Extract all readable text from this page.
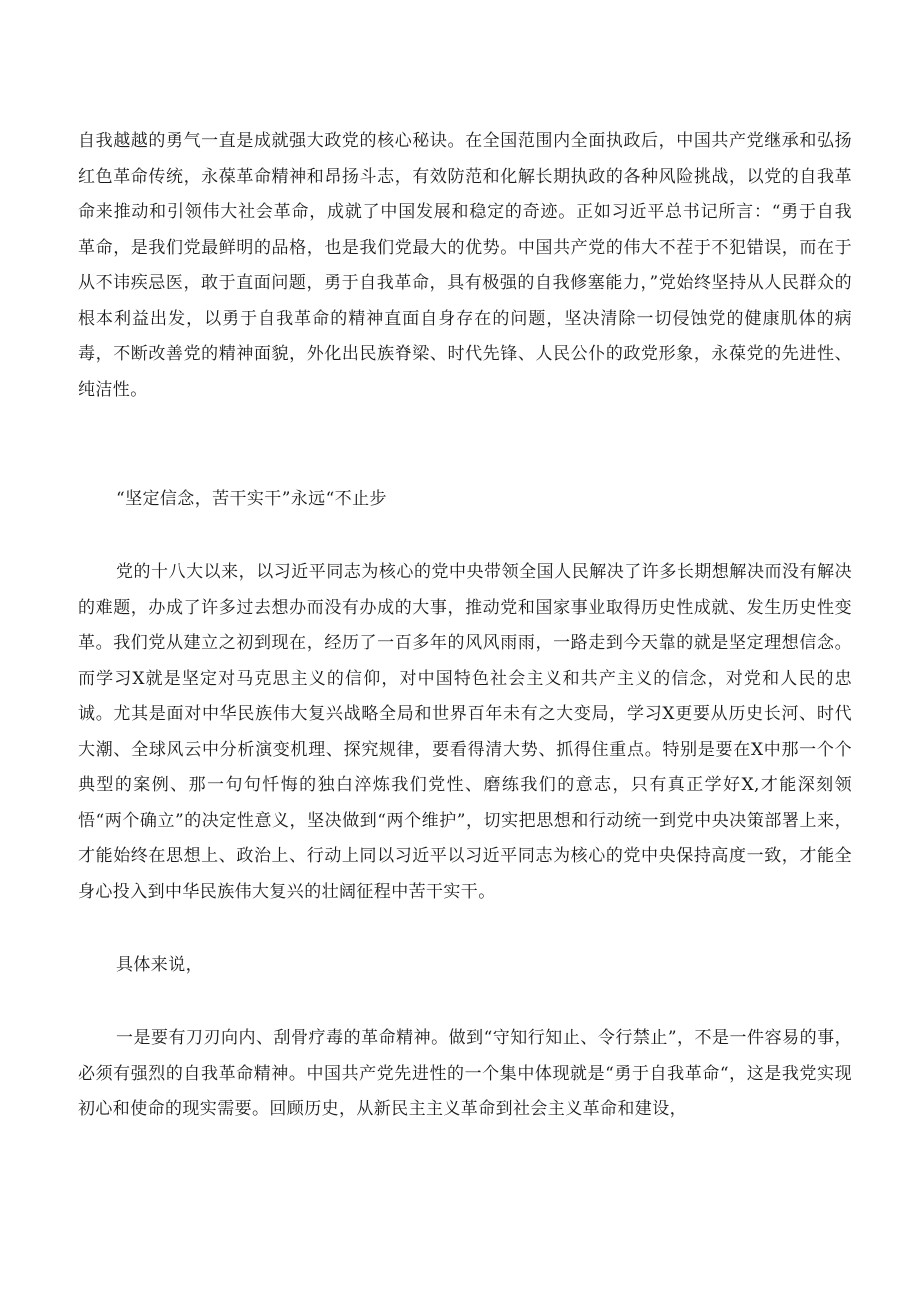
自我越越的勇气一直是成就强大政党的核心秘诀。在全国范围内全面执政后，中国共产党继承和弘扬红色革命传统，永葆革命精神和昂扬斗志，有效防范和化解长期执政的各种风险挑战，以党的自我革命来推动和引领伟大社会革命，成就了中国发展和稳定的奇迹。正如习近平总书记所言：“勇于自我革命，是我们党最鲜明的品格，也是我们党最大的优势。中国共产党的伟大不茬于不犯错误，而在于从不讳疾忌医，敢于直面问题，勇于自我革命，具有极强的自我修塞能力，”党始终坚持从人民群众的根本利益出发，以勇于自我革命的精神直面自身存在的问题，坚决清除一切侵蚀党的健康肌体的病毒，不断改善党的精神面貌，外化出民族脊梁、时代先锋、人民公仆的政党形象，永葆党的先进性、纯洁性。

“坚定信念，苦干实干”永远“不止步

党的十八大以来，以习近平同志为核心的党中央带领全国人民解决了许多长期想解决而没有解决的难题，办成了许多过去想办而没有办成的大事，推动党和国家事业取得历史性成就、发生历史性变革。我们党从建立之初到现在，经历了一百多年的风风雨雨，一路走到今天靠的就是坚定理想信念。而学习X就是坚定对马克思主义的信仰，对中国特色社会主义和共产主义的信念，对党和人民的忠诚。尤其是面对中华民族伟大复兴战略全局和世界百年未有之大变局，学习X更要从历史长河、时代大潮、全球风云中分析演变机理、探究规律，要看得清大势、抓得住重点。特别是要在X中那一个个典型的案例、那一句句忏悔的独白淬炼我们党性、磨练我们的意志，只有真正学好X,才能深刻领悟“两个确立”的决定性意义，坚决做到“两个维护”，切实把思想和行动统一到党中央决策部署上来，才能始终在思想上、政治上、行动上同以习近平以习近平同志为核心的党中央保持高度一致，才能全身心投入到中华民族伟大复兴的壮阔征程中苦干实干。

具体来说，

一是要有刀刃向内、刮骨疗毒的革命精神。做到“守知行知止、令行禁止”，不是一件容易的事，必须有强烈的自我革命精神。中国共产党先进性的一个集中体现就是“勇于自我革命“，这是我党实现初心和使命的现实需要。回顾历史，从新民主主义革命到社会主义革命和建设，
